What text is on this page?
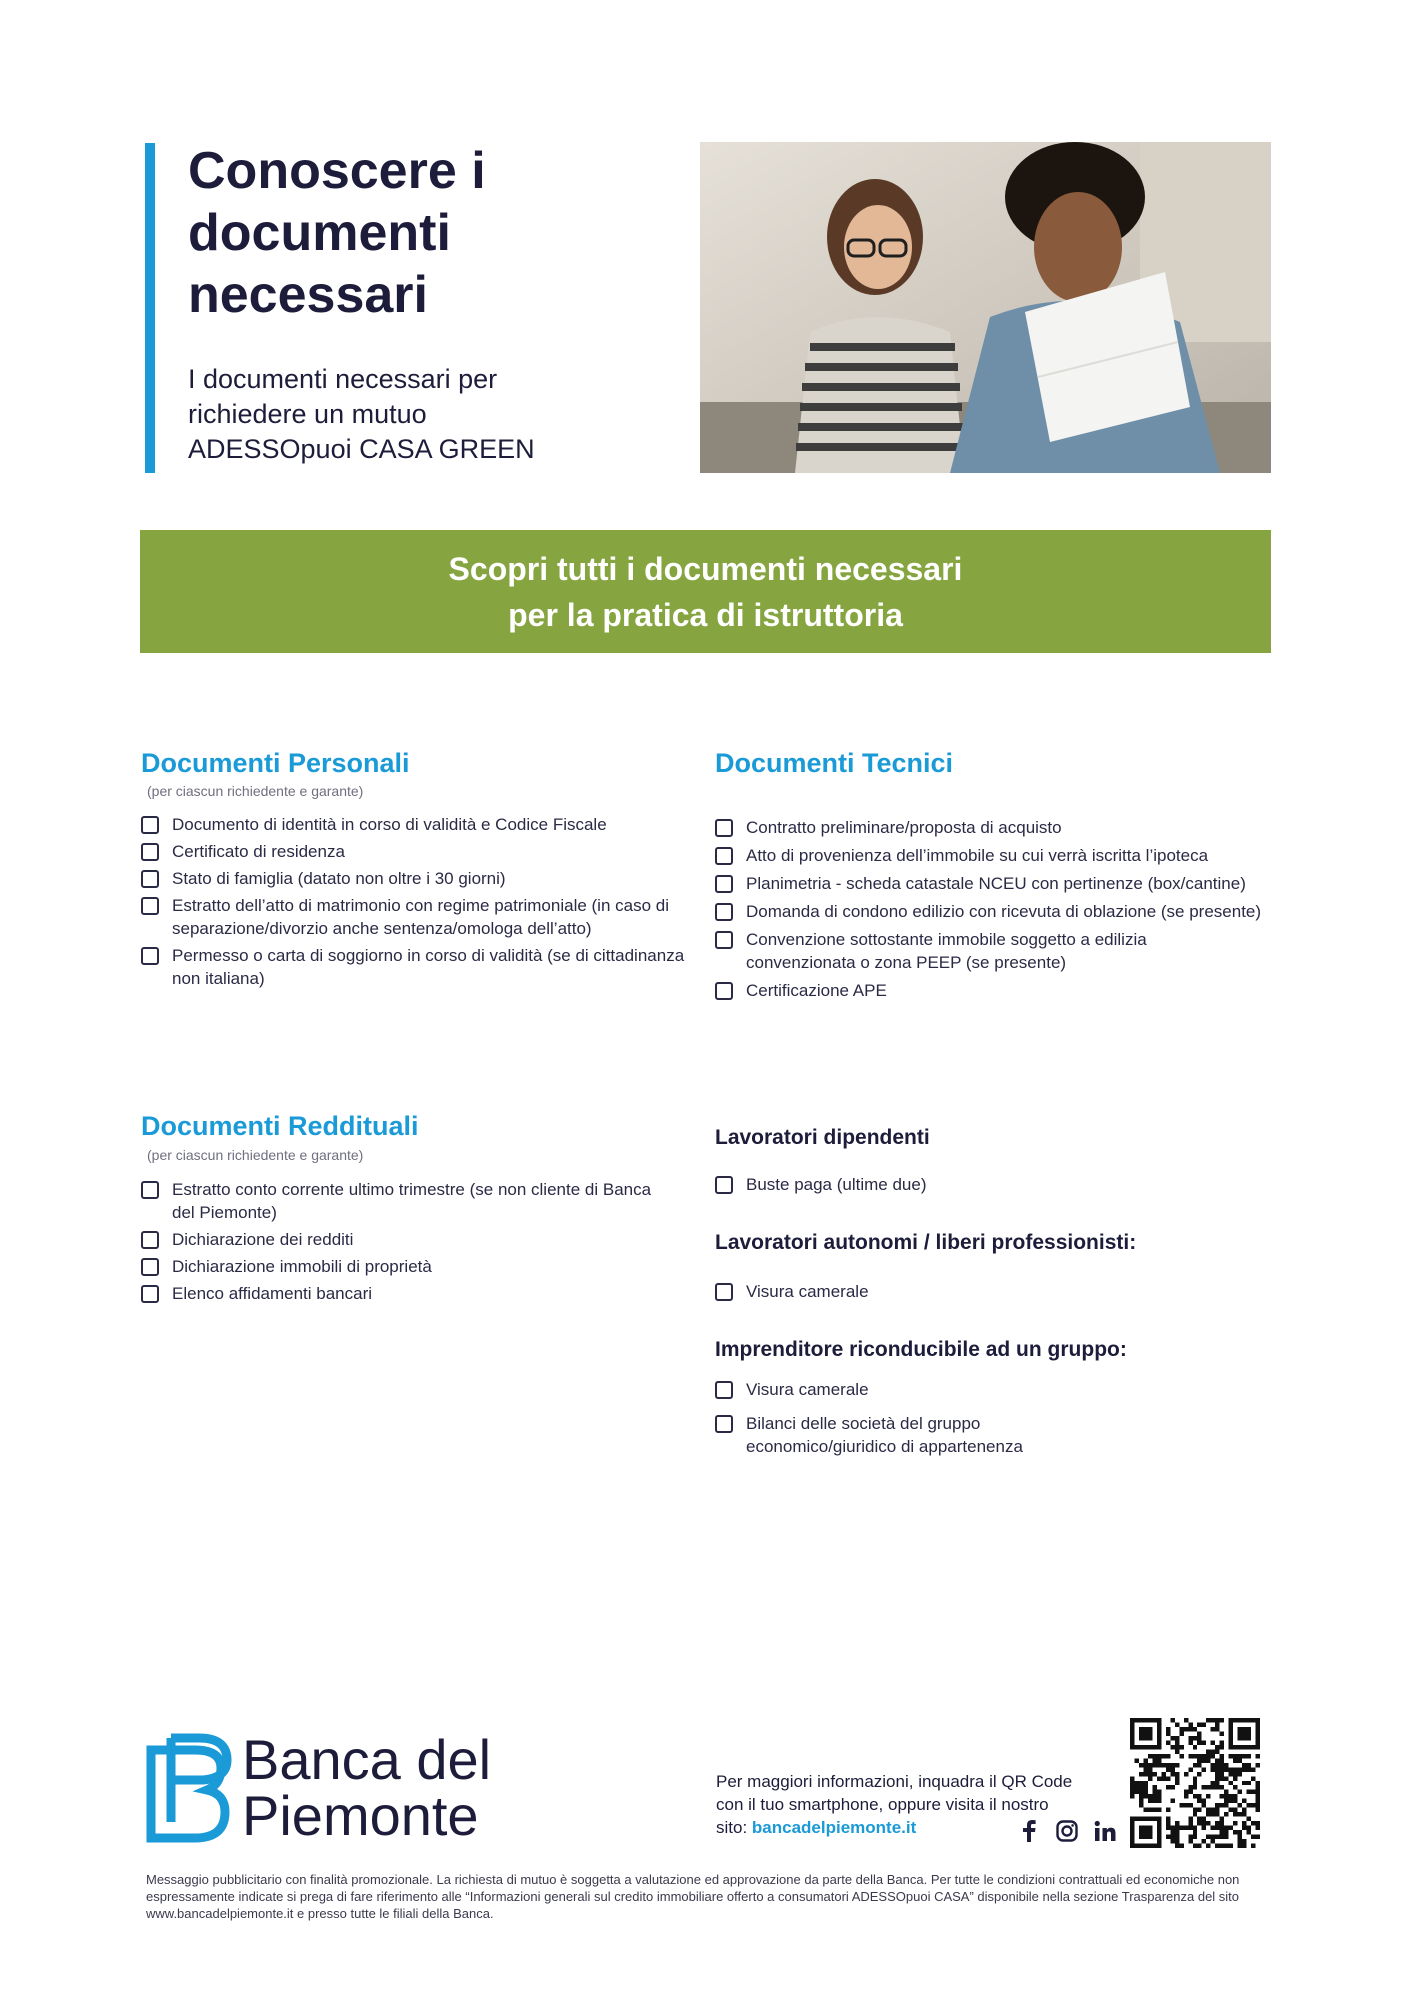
Conoscere i
documenti
necessari
I documenti necessari per
richiedere un mutuo
ADESSOpuoi CASA GREEN
Scopri tutti i documenti necessari
per la pratica di istruttoria
Documenti Personali
(per ciascun richiedente e garante)
Documento di identità in corso di validità e Codice Fiscale
Certificato di residenza
Stato di famiglia (datato non oltre i 30 giorni)
Estratto dell’atto di matrimonio con regime patrimoniale (in caso di separazione/divorzio anche sentenza/omologa dell’atto)
Permesso o carta di soggiorno in corso di validità (se di cittadinanza non italiana)
Documenti Tecnici
Contratto preliminare/proposta di acquisto
Atto di provenienza dell’immobile su cui verrà iscritta l’ipoteca
Planimetria - scheda catastale NCEU con pertinenze (box/cantine)
Domanda di condono edilizio con ricevuta di oblazione (se presente)
Convenzione sottostante immobile soggetto a edilizia convenzionata o zona PEEP (se presente)
Certificazione APE
Documenti Reddituali
(per ciascun richiedente e garante)
Estratto conto corrente ultimo trimestre (se non cliente di Banca del Piemonte)
Dichiarazione dei redditi
Dichiarazione immobili di proprietà
Elenco affidamenti bancari
Lavoratori dipendenti
Buste paga (ultime due)
Lavoratori autonomi / liberi professionisti:
Visura camerale
Imprenditore riconducibile ad un gruppo:
Visura camerale
Bilanci delle società del gruppo economico/giuridico di appartenenza
Banca del
Piemonte
Per maggiori informazioni, inquadra il QR Code
con il tuo smartphone, oppure visita il nostro
sito: bancadelpiemonte.it
Messaggio pubblicitario con finalità promozionale. La richiesta di mutuo è soggetta a valutazione ed approvazione da parte della Banca. Per tutte le condizioni contrattuali ed economiche non espressamente indicate si prega di fare riferimento alle “Informazioni generali sul credito immobiliare offerto a consumatori ADESSOpuoi CASA” disponibile nella sezione Trasparenza del sito www.bancadelpiemonte.it e presso tutte le filiali della Banca.
